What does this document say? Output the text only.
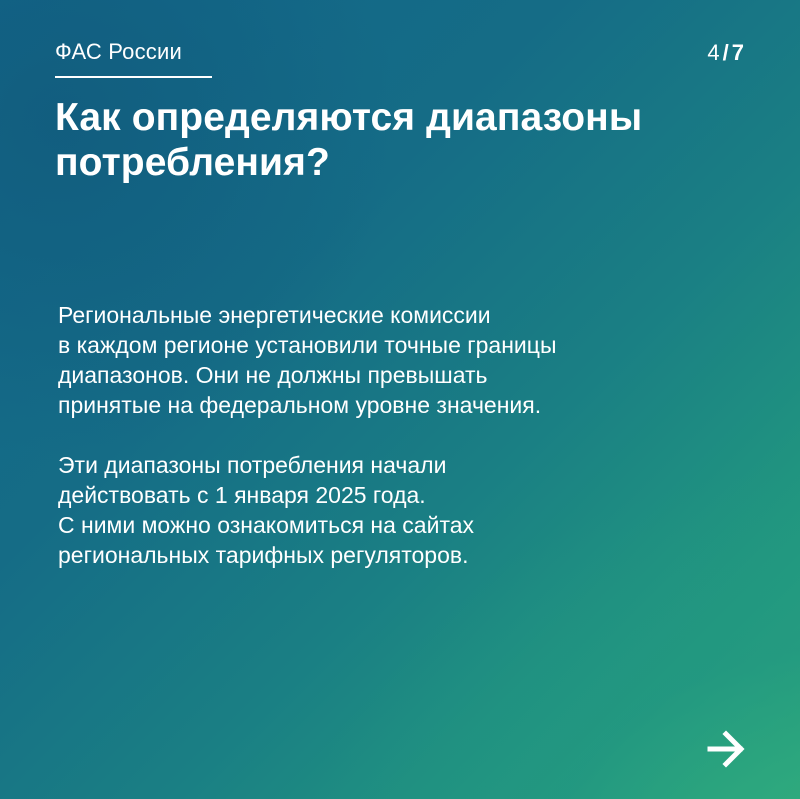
ФАС России	4 / 7
Как определяются диапазоны
потребления?

Региональные энергетические комиссии
в каждом регионе установили точные границы
диапазонов. Они не должны превышать
принятые на федеральном уровне значения.

Эти диапазоны потребления начали
действовать с 1 января 2025 года.
С ними можно ознакомиться на сайтах
региональных тарифных регуляторов.
